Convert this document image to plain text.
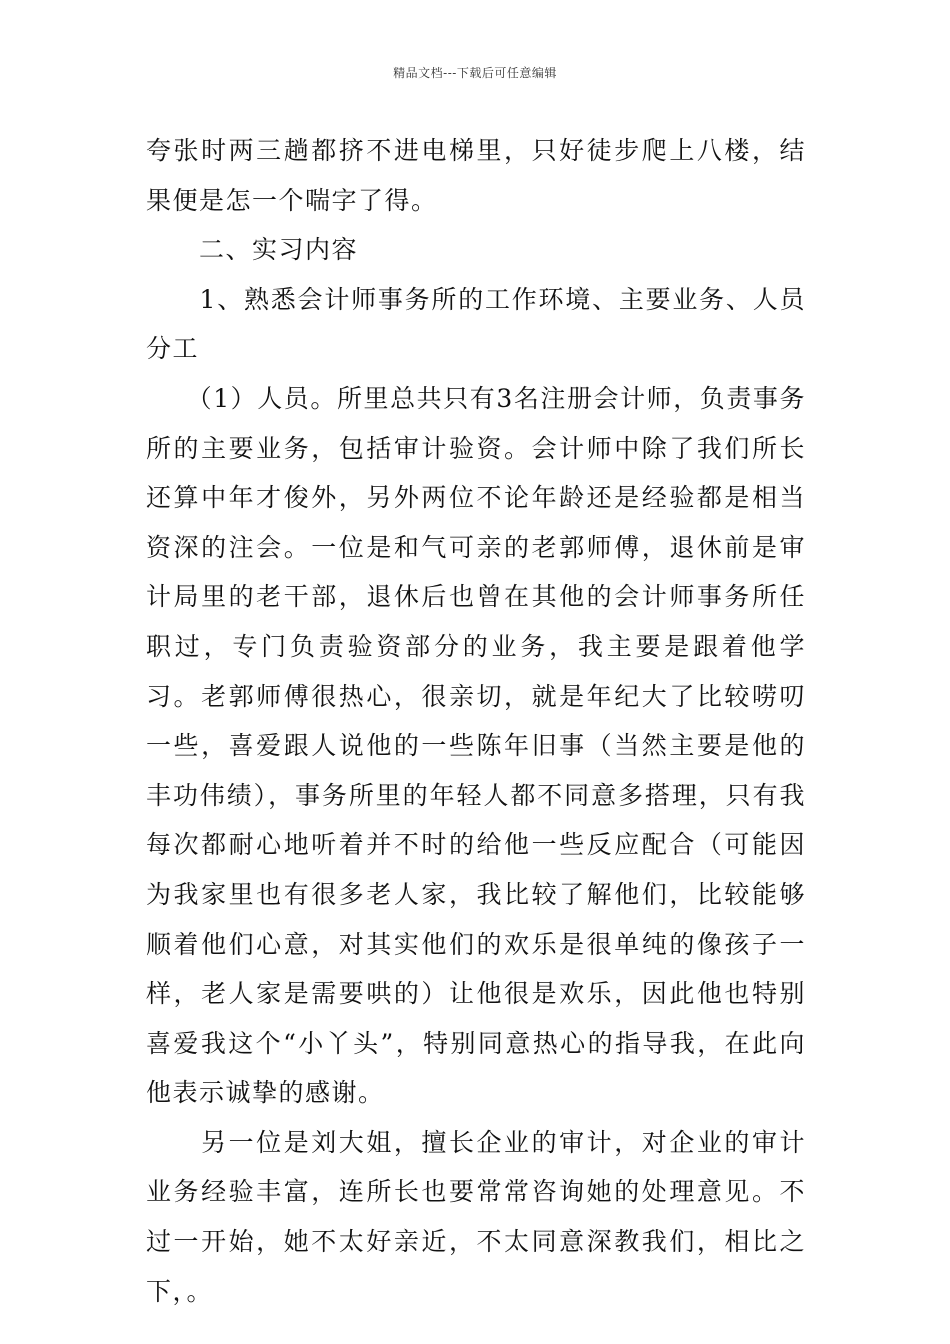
精品文档---下载后可任意编辑

夸张时两三趟都挤不进电梯里，只好徒步爬上八楼，结果便是怎一个喘字了得。

　　二、实习内容

　　1、熟悉会计师事务所的工作环境、主要业务、人员分工

　　（1）人员。所里总共只有3名注册会计师，负责事务所的主要业务，包括审计验资。会计师中除了我们所长还算中年才俊外，另外两位不论年龄还是经验都是相当资深的注会。一位是和气可亲的老郭师傅，退休前是审计局里的老干部，退休后也曾在其他的会计师事务所任职过，专门负责验资部分的业务，我主要是跟着他学习。老郭师傅很热心，很亲切，就是年纪大了比较唠叨一些，喜爱跟人说他的一些陈年旧事（当然主要是他的丰功伟绩），事务所里的年轻人都不同意多搭理，只有我每次都耐心地听着并不时的给他一些反应配合（可能因为我家里也有很多老人家，我比较了解他们，比较能够顺着他们心意，对其实他们的欢乐是很单纯的像孩子一样，老人家是需要哄的）让他很是欢乐，因此他也特别喜爱我这个“小丫头”，特别同意热心的指导我，在此向他表示诚挚的感谢。

　　另一位是刘大姐，擅长企业的审计，对企业的审计业务经验丰富，连所长也要常常咨询她的处理意见。不过一开始，她不太好亲近，不太同意深教我们，相比之下，。
